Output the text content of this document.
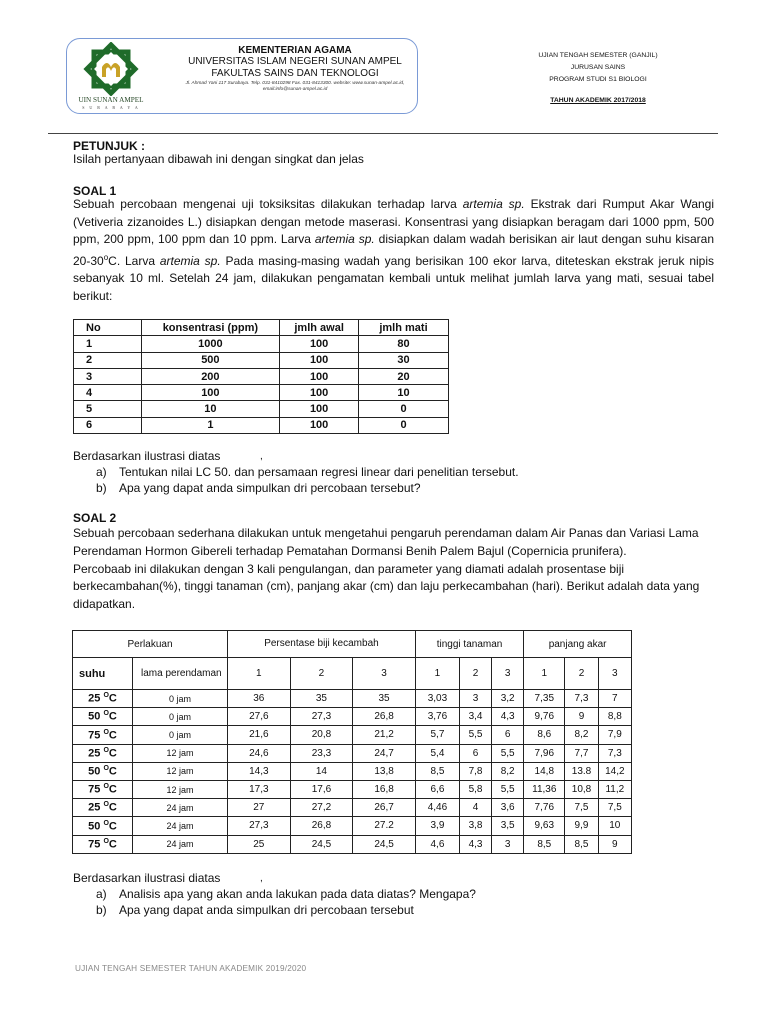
UIN SUNAN AMPEL
S U R A B A Y A
KEMENTERIAN AGAMA
UNIVERSITAS ISLAM NEGERI SUNAN AMPEL
FAKULTAS SAINS DAN TEKNOLOGI
Jl. Ahmad Yani 117 Surabaya. Telp. 031-8410298 Fax. 031-8413300. website: www.sunan-ampel.ac.id, email:info@sunan-ampel.ac.id
UJIAN TENGAH SEMESTER (GANJIL)
JURUSAN SAINS
PROGRAM STUDI S1 BIOLOGI
TAHUN AKADEMIK 2017/2018
PETUNJUK :
Isilah pertanyaan dibawah ini dengan singkat dan jelas
SOAL 1
Sebuah percobaan mengenai uji toksiksitas dilakukan terhadap larva artemia sp. Ekstrak dari Rumput Akar Wangi (Vetiveria zizanoides L.) disiapkan dengan metode maserasi. Konsentrasi yang disiapkan beragam dari 1000 ppm, 500 ppm, 200 ppm, 100 ppm dan 10 ppm. Larva artemia sp. disiapkan dalam wadah berisikan air laut dengan suhu kisaran 20-30$^o$C. Larva artemia sp. Pada masing-masing wadah yang berisikan 100 ekor larva, diteteskan ekstrak jeruk nipis sebanyak 10 ml. Setelah 24 jam, dilakukan pengamatan kembali untuk melihat jumlah larva yang mati, sesuai tabel berikut:
No	konsentrasi (ppm)	jmlh awal	jmlh mati
1	1000	100	80
2	500	100	30
3	200	100	20
4	100	100	10
5	10	100	0
6	1	100	0
Berdasarkan ilustrasi diatas	,
a) Tentukan nilai LC 50. dan persamaan regresi linear dari penelitian tersebut.
b) Apa yang dapat anda simpulkan dri percobaan tersebut?
SOAL 2
Sebuah percobaan sederhana dilakukan untuk mengetahui pengaruh perendaman dalam Air Panas dan Variasi Lama Perendaman Hormon Gibereli terhadap Pematahan Dormansi Benih Palem Bajul (Copernicia prunifera).
Percobaab ini dilakukan dengan 3 kali pengulangan, dan parameter yang diamati adalah prosentase biji berkecambahan(%), tinggi tanaman (cm), panjang akar (cm) dan laju perkecambahan (hari). Berikut adalah data yang didapatkan.
Perlakuan		Persentase biji kecambah			tinggi tanaman			panjang akar		
suhu	lama perendaman	1	2	3	1	2	3	1	2	3
25 $^O$C	0 jam	36	35	35	3,03	3	3,2	7,35	7,3	7
50 $^O$C	0 jam	27,6	27,3	26,8	3,76	3,4	4,3	9,76	9	8,8
75 $^O$C	0 jam	21,6	20,8	21,2	5,7	5,5	6	8,6	8,2	7,9
25 $^O$C	12 jam	24,6	23,3	24,7	5,4	6	5,5	7,96	7,7	7,3
50 $^O$C	12 jam	14,3	14	13,8	8,5	7,8	8,2	14,8	13.8	14,2
75 $^O$C	12 jam	17,3	17,6	16,8	6,6	5,8	5,5	11,36	10,8	11,2
25 $^O$C	24 jam	27	27,2	26,7	4,46	4	3,6	7,76	7,5	7,5
50 $^O$C	24 jam	27,3	26,8	27.2	3,9	3,8	3,5	9,63	9,9	10
75 $^O$C	24 jam	25	24,5	24,5	4,6	4,3	3	8,5	8,5	9
Berdasarkan ilustrasi diatas	,
a) Analisis apa yang akan anda lakukan pada data diatas? Mengapa?
b) Apa yang dapat anda simpulkan dri percobaan tersebut
UJIAN TENGAH SEMESTER TAHUN AKADEMIK 2019/2020
